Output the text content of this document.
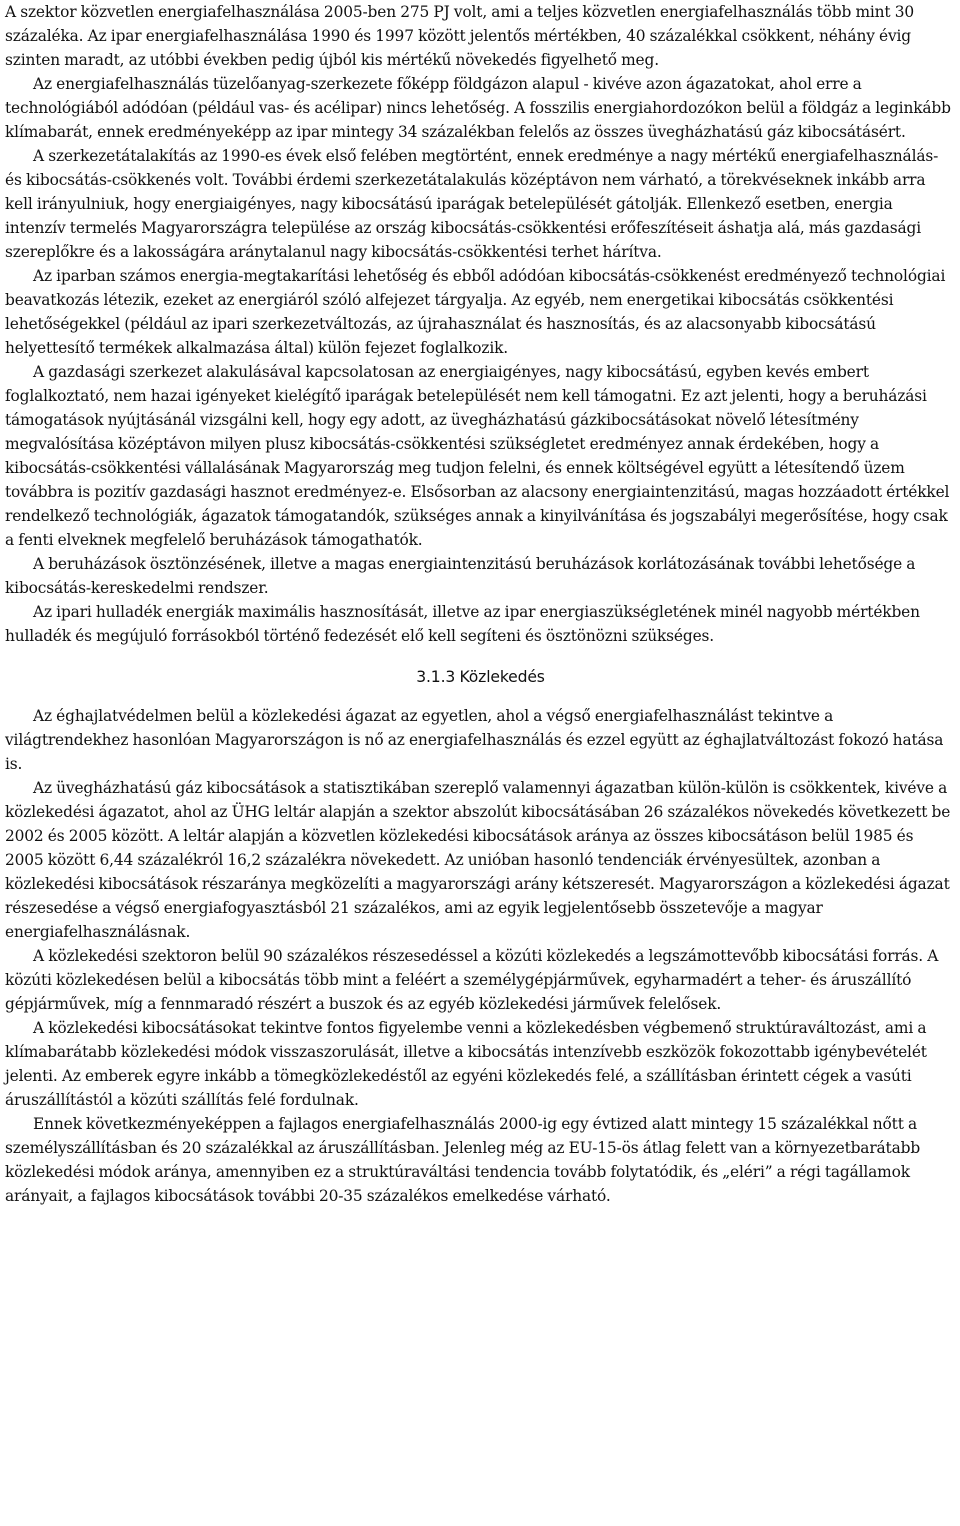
A szektor közvetlen energiafelhasználása 2005-ben 275 PJ volt, ami a teljes közvetlen energiafelhasználás több mint 30 százaléka. Az ipar energiafelhasználása 1990 és 1997 között jelentős mértékben, 40 százalékkal csökkent, néhány évig szinten maradt, az utóbbi években pedig újból kis mértékű növekedés figyelhető meg.

Az energiafelhasználás tüzelőanyag-szerkezete főképp földgázon alapul - kivéve azon ágazatokat, ahol erre a technológiából adódóan (például vas- és acélipar) nincs lehetőség. A fosszilis energiahordozókon belül a földgáz a leginkább klímabarát, ennek eredményeképp az ipar mintegy 34 százalékban felelős az összes üvegházhatású gáz kibocsátásért.

A szerkezetátalakítás az 1990-es évek első felében megtörtént, ennek eredménye a nagy mértékű energiafelhasználás- és kibocsátás-csökkenés volt. További érdemi szerkezetátalakulás középtávon nem várható, a törekvéseknek inkább arra kell irányulniuk, hogy energiaigényes, nagy kibocsátású iparágak betelepülését gátolják. Ellenkező esetben, energia intenzív termelés Magyarországra települése az ország kibocsátás-csökkentési erőfeszítéseit áshatja alá, más gazdasági szereplőkre és a lakosságára aránytalanul nagy kibocsátás-csökkentési terhet hárítva.

Az iparban számos energia-megtakarítási lehetőség és ebből adódóan kibocsátás-csökkenést eredményező technológiai beavatkozás létezik, ezeket az energiáról szóló alfejezet tárgyalja. Az egyéb, nem energetikai kibocsátás csökkentési lehetőségekkel (például az ipari szerkezetváltozás, az újrahasználat és hasznosítás, és az alacsonyabb kibocsátású helyettesítő termékek alkalmazása által) külön fejezet foglalkozik.

A gazdasági szerkezet alakulásával kapcsolatosan az energiaigényes, nagy kibocsátású, egyben kevés embert foglalkoztató, nem hazai igényeket kielégítő iparágak betelepülését nem kell támogatni. Ez azt jelenti, hogy a beruházási támogatások nyújtásánál vizsgálni kell, hogy egy adott, az üvegházhatású gázkibocsátásokat növelő létesítmény megvalósítása középtávon milyen plusz kibocsátás-csökkentési szükségletet eredményez annak érdekében, hogy a kibocsátás-csökkentési vállalásának Magyarország meg tudjon felelni, és ennek költségével együtt a létesítendő üzem továbbra is pozitív gazdasági hasznot eredményez-e. Elsősorban az alacsony energiaintenzitású, magas hozzáadott értékkel rendelkező technológiák, ágazatok támogatandók, szükséges annak a kinyilvánítása és jogszabályi megerősítése, hogy csak a fenti elveknek megfelelő beruházások támogathatók.

A beruházások ösztönzésének, illetve a magas energiaintenzitású beruházások korlátozásának további lehetősége a kibocsátás-kereskedelmi rendszer.

Az ipari hulladék energiák maximális hasznosítását, illetve az ipar energiaszükségletének minél nagyobb mértékben hulladék és megújuló forrásokból történő fedezését elő kell segíteni és ösztönözni szükséges.

3.1.3 Közlekedés

Az éghajlatvédelmen belül a közlekedési ágazat az egyetlen, ahol a végső energiafelhasználást tekintve a világtrendekhez hasonlóan Magyarországon is nő az energiafelhasználás és ezzel együtt az éghajlatváltozást fokozó hatása is.

Az üvegházhatású gáz kibocsátások a statisztikában szereplő valamennyi ágazatban külön-külön is csökkentek, kivéve a közlekedési ágazatot, ahol az ÜHG leltár alapján a szektor abszolút kibocsátásában 26 százalékos növekedés következett be 2002 és 2005 között. A leltár alapján a közvetlen közlekedési kibocsátások aránya az összes kibocsátáson belül 1985 és 2005 között 6,44 százalékról 16,2 százalékra növekedett. Az unióban hasonló tendenciák érvényesültek, azonban a közlekedési kibocsátások részaránya megközelíti a magyarországi arány kétszeresét. Magyarországon a közlekedési ágazat részesedése a végső energiafogyasztásból 21 százalékos, ami az egyik legjelentősebb összetevője a magyar energiafelhasználásnak.

A közlekedési szektoron belül 90 százalékos részesedéssel a közúti közlekedés a legszámottevőbb kibocsátási forrás. A közúti közlekedésen belül a kibocsátás több mint a feléért a személygépjárművek, egyharmadért a teher- és áruszállító gépjárművek, míg a fennmaradó részért a buszok és az egyéb közlekedési járművek felelősek.

A közlekedési kibocsátásokat tekintve fontos figyelembe venni a közlekedésben végbemenő struktúraváltozást, ami a klímabarátabb közlekedési módok visszaszorulását, illetve a kibocsátás intenzívebb eszközök fokozottabb igénybevételét jelenti. Az emberek egyre inkább a tömegközlekedéstől az egyéni közlekedés felé, a szállításban érintett cégek a vasúti áruszállítástól a közúti szállítás felé fordulnak.

Ennek következményeképpen a fajlagos energiafelhasználás 2000-ig egy évtized alatt mintegy 15 százalékkal nőtt a személyszállításban és 20 százalékkal az áruszállításban. Jelenleg még az EU-15-ös átlag felett van a környezetbarátabb közlekedési módok aránya, amennyiben ez a struktúraváltási tendencia tovább folytatódik, és „eléri” a régi tagállamok arányait, a fajlagos kibocsátások további 20-35 százalékos emelkedése várható.
